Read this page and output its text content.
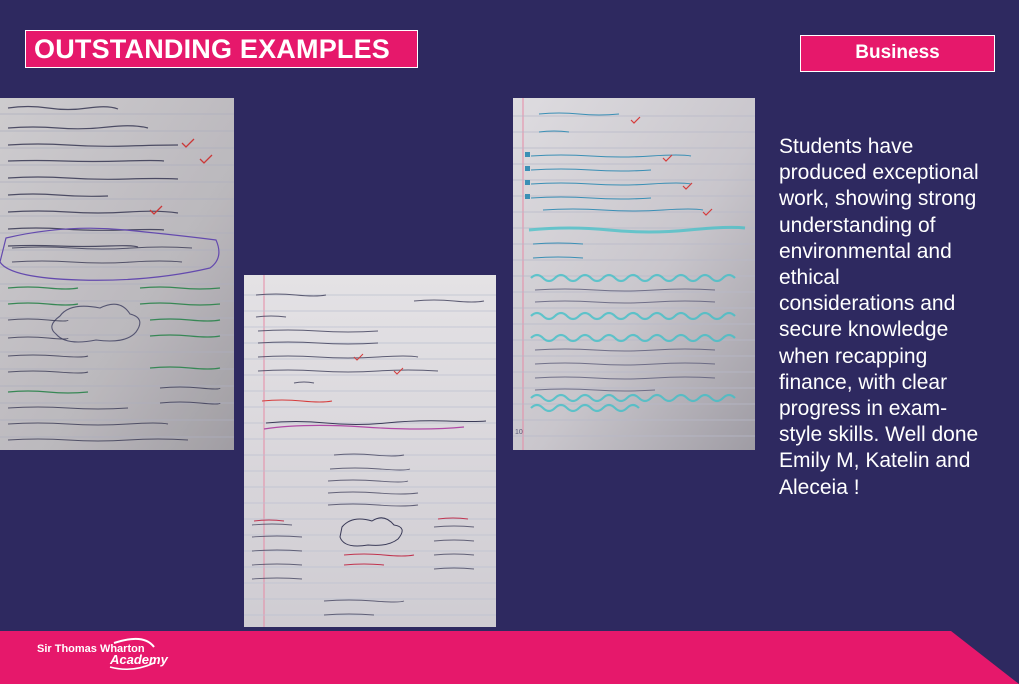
OUTSTANDING EXAMPLES	Business
10
Students have produced exceptional work, showing strong understanding of environmental and ethical considerations and secure knowledge when recapping finance, with clear progress in exam-style skills. Well done Emily M, Katelin and Aleceia !
Sir Thomas Wharton
Academy
